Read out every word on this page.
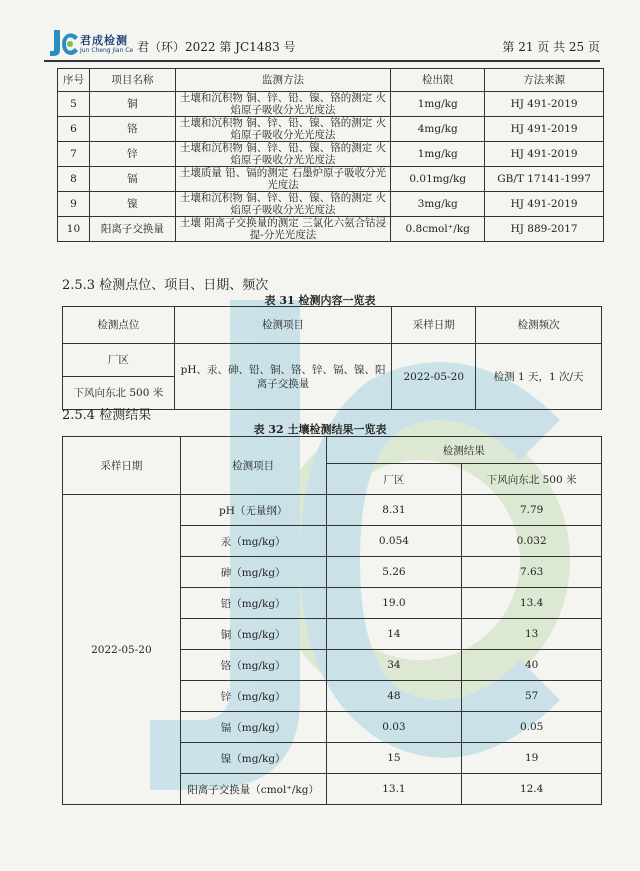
君成检测
Jun Cheng Jian Ce 君（环）2022 第 JC1483 号	第 21 页 共 25 页
序号	项目名称	监测方法	检出限	方法来源
5	铜	土壤和沉积物 铜、锌、铅、镍、铬的测定 火焰原子吸收分光光度法	1mg/kg	HJ 491-2019
6	铬	土壤和沉积物 铜、锌、铅、镍、铬的测定 火焰原子吸收分光光度法	4mg/kg	HJ 491-2019
7	锌	土壤和沉积物 铜、锌、铅、镍、铬的测定 火焰原子吸收分光光度法	1mg/kg	HJ 491-2019
8	镉	土壤质量 铅、镉的测定 石墨炉原子吸收分光光度法	0.01mg/kg	GB/T 17141-1997
9	镍	土壤和沉积物 铜、锌、铅、镍、铬的测定 火焰原子吸收分光光度法	3mg/kg	HJ 491-2019
10	阳离子交换量	土壤 阳离子交换量的测定 三氯化六氨合钴浸提-分光光度法	0.8cmol⁺/kg	HJ 889-2017
2.5.3 检测点位、项目、日期、频次
表 31 检测内容一览表
检测点位	检测项目	采样日期	检测频次
厂区	pH、汞、砷、铅、铜、铬、锌、镉、镍、阳离子交换量	2022-05-20	检测 1 天，1 次/天
下风向东北 500 米			
2.5.4 检测结果
表 32 土壤检测结果一览表
采样日期	检测项目	检测结果	
		厂区	下风向东北 500 米
2022-05-20	pH（无量纲）	8.31	7.79
	汞（mg/kg）	0.054	0.032
	砷（mg/kg）	5.26	7.63
	铅（mg/kg）	19.0	13.4
	铜（mg/kg）	14	13
	铬（mg/kg）	34	40
	锌（mg/kg）	48	57
	镉（mg/kg）	0.03	0.05
	镍（mg/kg）	15	19
	阳离子交换量（cmol⁺/kg）	13.1	12.4
